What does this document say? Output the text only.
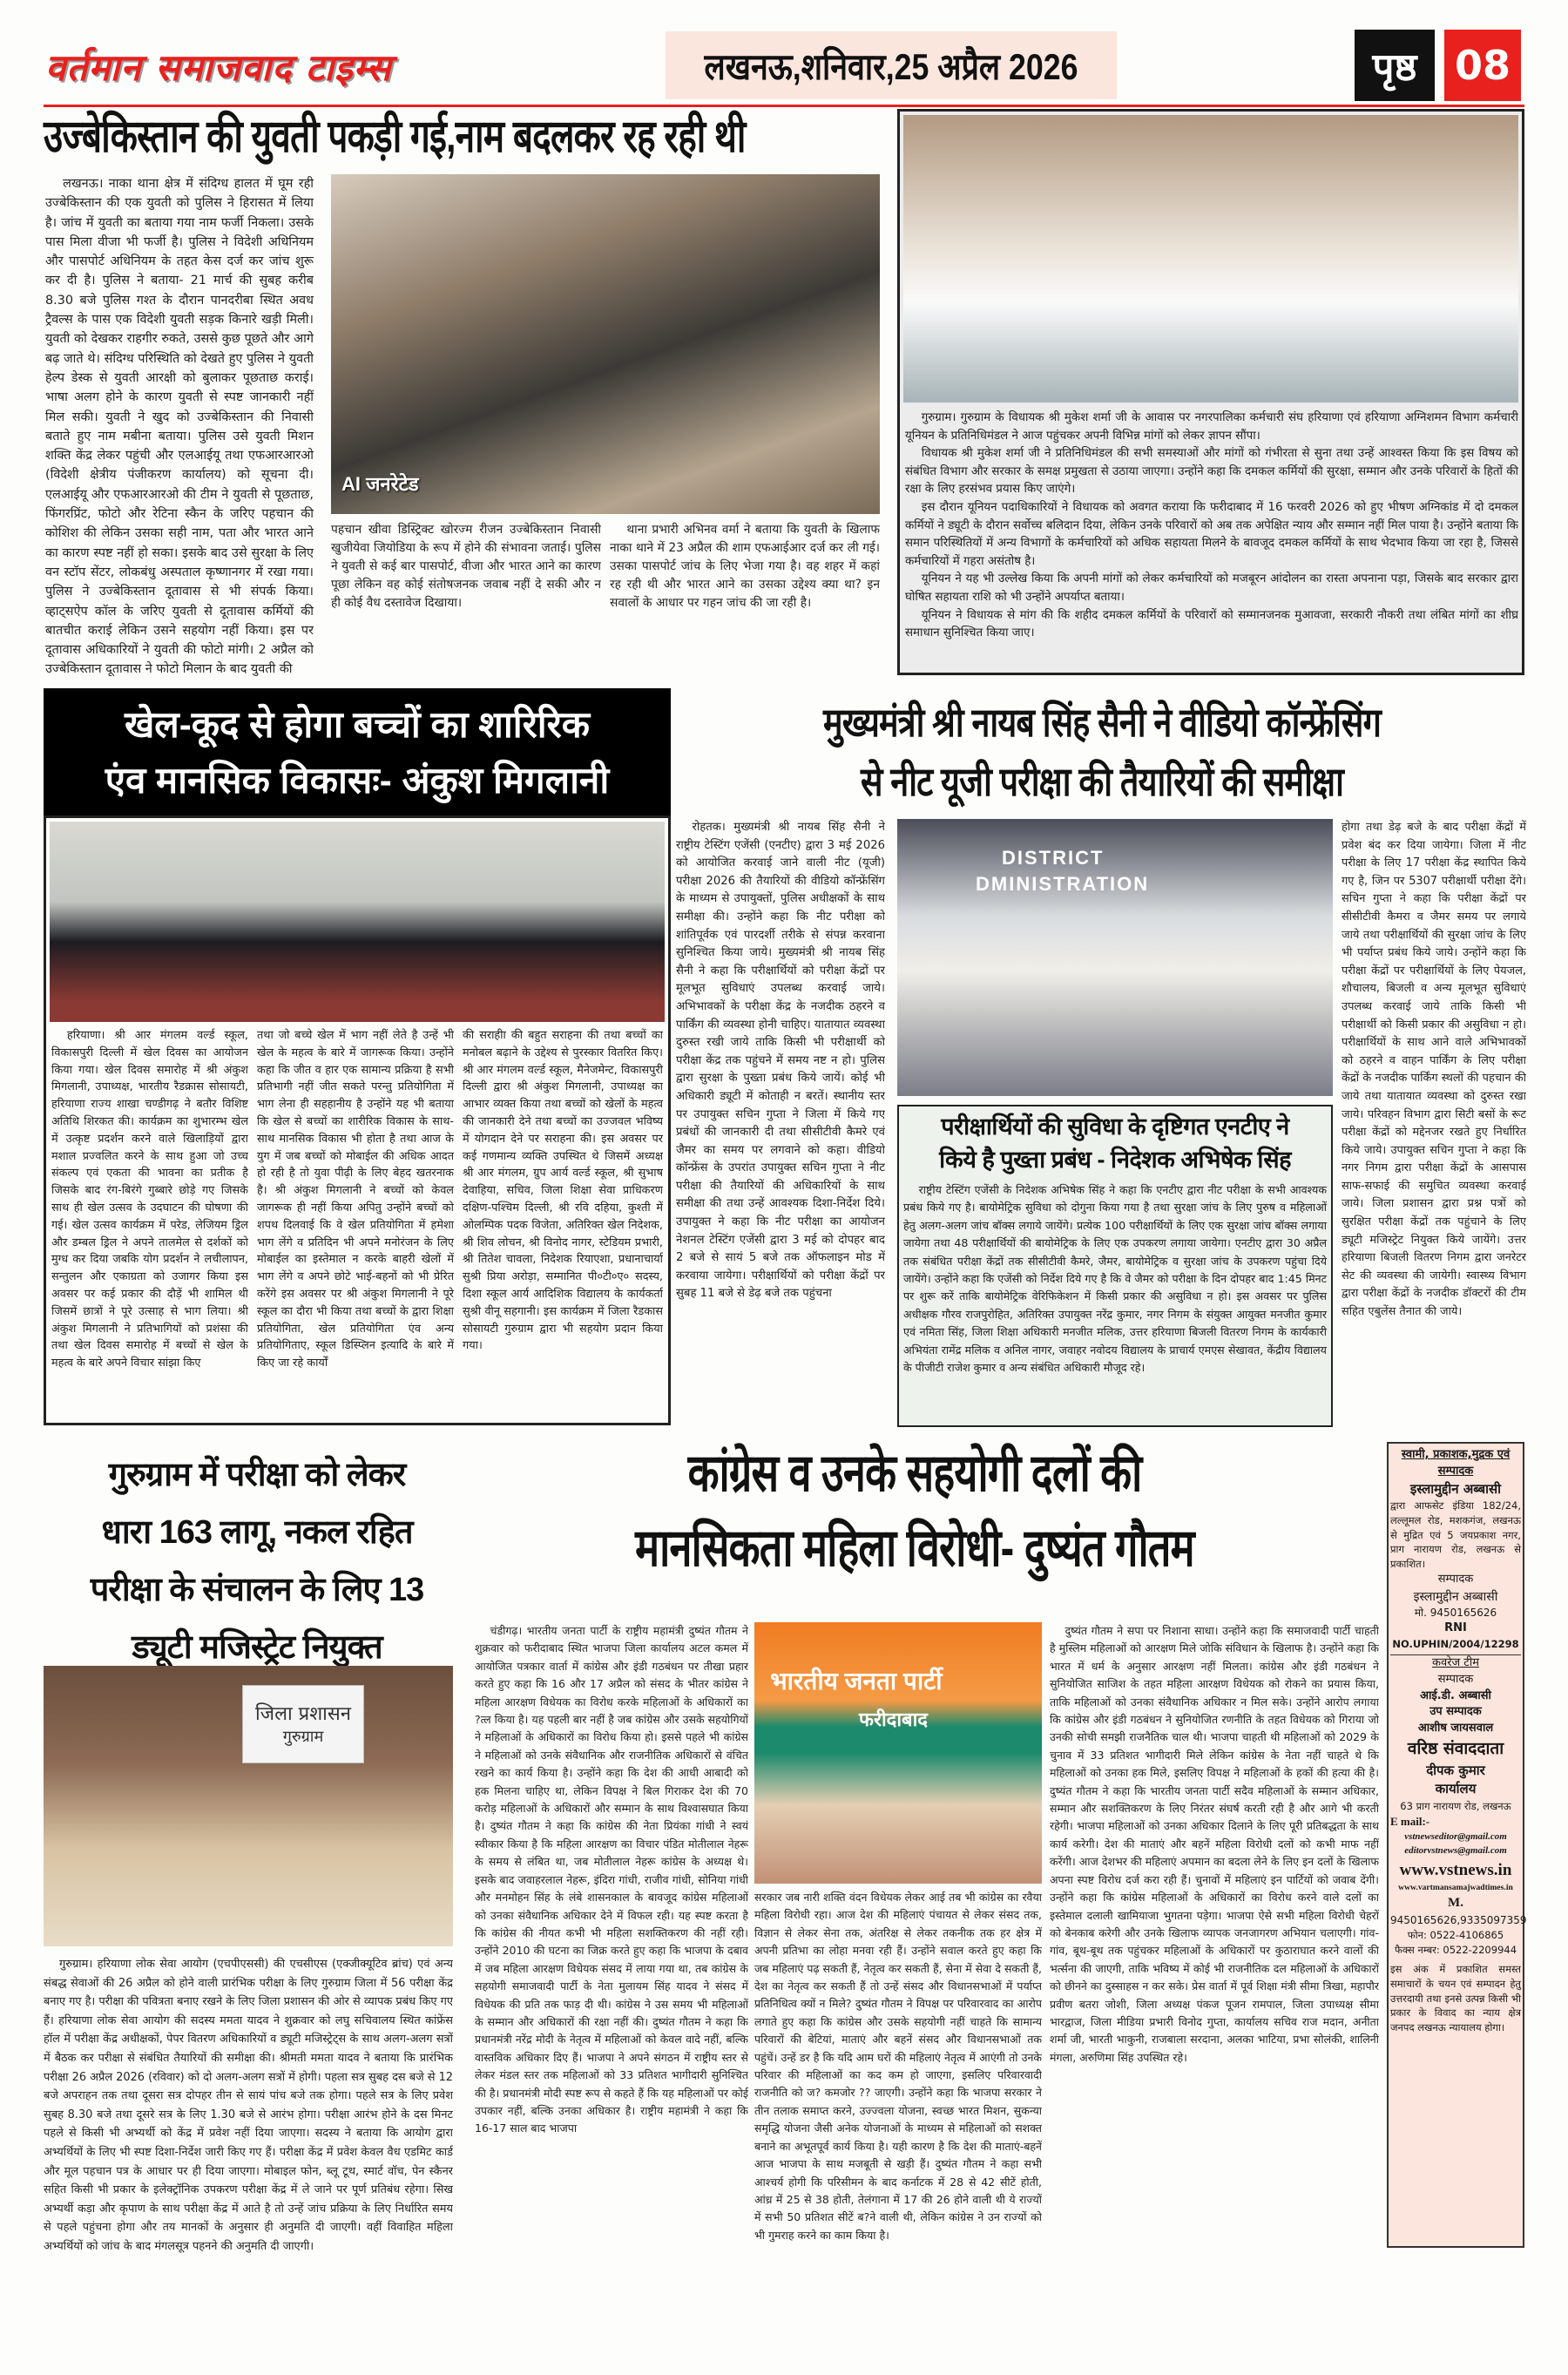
वर्तमान समाजवाद टाइम्स	लखनऊ,शनिवार,25 अप्रैल 2026	पृष्ठ 08
उज्बेकिस्तान की युवती पकड़ी गई,नाम बदलकर रह रही थी

लखनऊ। नाका थाना क्षेत्र में संदिग्ध हालत में घूम रही उज्बेकिस्तान की एक युवती को पुलिस ने हिरासत में लिया है। जांच में युवती का बताया गया नाम फर्जी निकला। उसके पास मिला वीजा भी फर्जी है। पुलिस ने विदेशी अधिनियम और पासपोर्ट अधिनियम के तहत केस दर्ज कर जांच शुरू कर दी है। पुलिस ने बताया- 21 मार्च की सुबह करीब 8.30 बजे पुलिस गश्त के दौरान पानदरीबा स्थित अवध ट्रैवल्स के पास एक विदेशी युवती सड़क किनारे खड़ी मिली। युवती को देखकर राहगीर रुकते, उससे कुछ पूछते और आगे बढ़ जाते थे। संदिग्ध परिस्थिति को देखते हुए पुलिस ने युवती हेल्प डेस्क से युवती आरक्षी को बुलाकर पूछताछ कराई। भाषा अलग होने के कारण युवती से स्पष्ट जानकारी नहीं मिल सकी। युवती ने खुद को उज्बेकिस्तान की निवासी बताते हुए नाम मबीना बताया। पुलिस उसे युवती मिशन शक्ति केंद्र लेकर पहुंची और एलआईयू तथा एफआरआरओ (विदेशी क्षेत्रीय पंजीकरण कार्यालय) को सूचना दी। एलआईयू और एफआरआरओ की टीम ने युवती से पूछताछ, फिंगरप्रिंट, फोटो और रेटिना स्कैन के जरिए पहचान की कोशिश की लेकिन उसका सही नाम, पता और भारत आने का कारण स्पष्ट नहीं हो सका। इसके बाद उसे सुरक्षा के लिए वन स्टॉप सेंटर, लोकबंधु अस्पताल कृष्णानगर में रखा गया। पुलिस ने उज्बेकिस्तान दूतावास से भी संपर्क किया। व्हाट्सऐप कॉल के जरिए युवती से दूतावास कर्मियों की बातचीत कराई लेकिन उसने सहयोग नहीं किया। इस पर दूतावास अधिकारियों ने युवती की फोटो मांगी। 2 अप्रैल को उज्बेकिस्तान दूतावास ने फोटो मिलान के बाद युवती की

AI जनरेटेड

पहचान खीवा डिस्ट्रिक्ट खोरज्म रीजन उज्बेकिस्तान निवासी खुजीयेवा जियोडिया के रूप में होने की संभावना जताई। पुलिस ने युवती से कई बार पासपोर्ट, वीजा और भारत आने का कारण पूछा लेकिन वह कोई संतोषजनक जवाब नहीं दे सकी और न ही कोई वैध दस्तावेज दिखाया।

थाना प्रभारी अभिनव वर्मा ने बताया कि युवती के खिलाफ नाका थाने में 23 अप्रैल की शाम एफआईआर दर्ज कर ली गई। उसका पासपोर्ट जांच के लिए भेजा गया है। वह शहर में कहां रह रही थी और भारत आने का उसका उद्देश्य क्या था? इन सवालों के आधार पर गहन जांच की जा रही है।

गुरुग्राम। गुरुग्राम के विधायक श्री मुकेश शर्मा जी के आवास पर नगरपालिका कर्मचारी संघ हरियाणा एवं हरियाणा अग्निशमन विभाग कर्मचारी यूनियन के प्रतिनिधिमंडल ने आज पहुंचकर अपनी विभिन्न मांगों को लेकर ज्ञापन सौंपा।

विधायक श्री मुकेश शर्मा जी ने प्रतिनिधिमंडल की सभी समस्याओं और मांगों को गंभीरता से सुना तथा उन्हें आश्वस्त किया कि इस विषय को संबंधित विभाग और सरकार के समक्ष प्रमुखता से उठाया जाएगा। उन्होंने कहा कि दमकल कर्मियों की सुरक्षा, सम्मान और उनके परिवारों के हितों की रक्षा के लिए हरसंभव प्रयास किए जाएंगे।

इस दौरान यूनियन पदाधिकारियों ने विधायक को अवगत कराया कि फरीदाबाद में 16 फरवरी 2026 को हुए भीषण अग्निकांड में दो दमकल कर्मियों ने ड्यूटी के दौरान सर्वोच्च बलिदान दिया, लेकिन उनके परिवारों को अब तक अपेक्षित न्याय और सम्मान नहीं मिल पाया है। उन्होंने बताया कि समान परिस्थितियों में अन्य विभागों के कर्मचारियों को अधिक सहायता मिलने के बावजूद दमकल कर्मियों के साथ भेदभाव किया जा रहा है, जिससे कर्मचारियों में गहरा असंतोष है।

यूनियन ने यह भी उल्लेख किया कि अपनी मांगों को लेकर कर्मचारियों को मजबूरन आंदोलन का रास्ता अपनाना पड़ा, जिसके बाद सरकार द्वारा घोषित सहायता राशि को भी उन्होंने अपर्याप्त बताया।

यूनियन ने विधायक से मांग की कि शहीद दमकल कर्मियों के परिवारों को सम्मानजनक मुआवजा, सरकारी नौकरी तथा लंबित मांगों का शीघ्र समाधान सुनिश्चित किया जाए।

खेल-कूद से होगा बच्चों का शारिरिक
एंव मानसिक विकासः- अंकुश मिगलानी

हरियाणा। श्री आर मंगलम वर्ल्ड स्कूल, विकासपुरी दिल्ली में खेल दिवस का आयोजन किया गया। खेल दिवस समारोह में श्री अंकुश मिगलानी, उपाध्यक्ष, भारतीय रैडक्रास सोसायटी, हरियाणा राज्य शाखा चण्डीगढ़ ने बतौर विशिष्ट अतिथि शिरकत की। कार्यक्रम का शुभारम्भ खेल में उत्कृष्ट प्रदर्शन करने वाले खिलाड़ियों द्वारा मशाल प्रज्वलित करने के साथ हुआ जो उच्च संकल्प एवं एकता की भावना का प्रतीक है जिसके बाद रंग-बिरंगे गुब्बारे छोड़े गए जिसके साथ ही खेल उत्सव के उदघाटन की घोषणा की गई। खेल उत्सव कार्यक्रम में परेड, लेजियम ड्रिल और डम्बल ड्रिल ने अपने तालमेल से दर्शकों को मुग्ध कर दिया जबकि योग प्रदर्शन ने लचीलापन, सन्तुलन और एकाग्रता को उजागर किया इस अवसर पर कई प्रकार की दौड़ें भी शामिल थी जिसमें छात्रों ने पूरे उत्साह से भाग लिया। श्री अंकुश मिगलानी ने प्रतिभागियों को प्रशंसा की तथा खेल दिवस समारोह में बच्चों से खेल के महत्व के बारे अपने विचार सांझा किए

तथा जो बच्चे खेल में भाग नहीं लेते है उन्हें भी खेल के महत्व के बारे में जागरूक किया। उन्होंने कहा कि जीत व हार एक सामान्य प्रक्रिया है सभी प्रतिभागी नहीं जीत सकते परन्तु प्रतियोगिता में भाग लेना ही सहहानीय है उन्होंने यह भी बताया कि खेल से बच्चों का शारीरिक विकास के साथ-साथ मानसिक विकास भी होता है तथा आज के युग में जब बच्चों को मोबाईल की अधिक आदत हो रही है तो युवा पीढ़ी के लिए बेहद खतरनाक है। श्री अंकुश मिगलानी ने बच्चों को केवल जागरूक ही नहीं किया अपितु उन्होंने बच्चों को शपथ दिलवाई कि वे खेल प्रतियोगिता में हमेशा भाग लेंगे व प्रतिदिन भी अपने मनोरंजन के लिए मोबाईल का इस्तेमाल न करके बाहरी खेलों में भाग लेंगे व अपने छोटे भाई-बहनों को भी प्रेरित करेंगे इस अवसर पर श्री अंकुश मिगलानी ने पूरे स्कूल का दौरा भी किया तथा बच्चों के द्वारा शिक्षा प्रतियोगिता, खेल प्रतियोगिता एंव अन्य प्रतियोगिताए, स्कूल डिस्प्लिन इत्यादि के बारे में किए जा रहे कार्यों

की सराहीा की बहुत सराहना की तथा बच्चों का मनोबल बढ़ाने के उद्देश्य से पुरस्कार वितरित किए। श्री आर मंगलम वर्ल्ड स्कूल, मैनेजमेन्ट, विकासपुरी दिल्ली द्वारा श्री अंकुश मिगलानी, उपाध्यक्ष का आभार व्यक्त किया तथा बच्चों को खेलों के महत्व की जानकारी देने तथा बच्चों का उज्जवल भविष्य में योगदान देने पर सराहना की। इस अवसर पर कई गणमान्य व्यक्ति उपस्थित थे जिसमें अध्यक्ष श्री आर मंगलम, ग्रुप आर्य वर्ल्ड स्कूल, श्री सुभाष देवाहिया, सचिव, जिला शिक्षा सेवा प्राधिकरण दक्षिण-पश्चिम दिल्ली, श्री रवि दहिया, कुश्ती में ओलम्पिक पदक विजेता, अतिरिक्त खेल निदेशक, श्री शिव लोचन, श्री विनोद नागर, स्टेडियम प्रभारी, श्री तितेश चावला, निदेशक रियाएशा, प्रधानाचार्या सुश्री प्रिया अरोड़ा, सम्मानित पी०टी०ए० सदस्य, दिशा स्कूल आर्य आदिशिक विद्यालय के कार्यकर्ता सुश्री वीनू सहगानी। इस कार्यक्रम में जिला रैडकास सोसायटी गुरुग्राम द्वारा भी सहयोग प्रदान किया गया।

मुख्यमंत्री श्री नायब सिंह सैनी ने वीडियो कॉन्फ्रेंसिंग
से नीट यूजी परीक्षा की तैयारियों की समीक्षा

रोहतक। मुख्यमंत्री श्री नायब सिंह सैनी ने राष्ट्रीय टेस्टिंग एजेंसी (एनटीए) द्वारा 3 मई 2026 को आयोजित करवाई जाने वाली नीट (यूजी) परीक्षा 2026 की तैयारियों की वीडियो कॉन्फ्रेंसिंग के माध्यम से उपायुक्तों, पुलिस अधीक्षकों के साथ समीक्षा की। उन्होंने कहा कि नीट परीक्षा को शांतिपूर्वक एवं पारदर्शी तरीके से संपन्न करवाना सुनिश्चित किया जाये। मुख्यमंत्री श्री नायब सिंह सैनी ने कहा कि परीक्षार्थियों को परीक्षा केंद्रों पर मूलभूत सुविधाएं उपलब्ध करवाई जाये। अभिभावकों के परीक्षा केंद्र के नजदीक ठहरने व पार्किंग की व्यवस्था होनी चाहिए। यातायात व्यवस्था दुरुस्त रखी जाये ताकि किसी भी परीक्षार्थी को परीक्षा केंद्र तक पहुंचने में समय नष्ट न हो। पुलिस द्वारा सुरक्षा के पुख्ता प्रबंध किये जायें। कोई भी अधिकारी ड्यूटी में कोताही न बरतें। स्थानीय स्तर पर उपायुक्त सचिन गुप्ता ने जिला में किये गए प्रबंधों की जानकारी दी तथा सीसीटीवी कैमरे एवं जैमर का समय पर लगवाने को कहा। वीडियो कॉन्फ्रेंस के उपरांत उपायुक्त सचिन गुप्ता ने नीट परीक्षा की तैयारियों की अधिकारियों के साथ समीक्षा की तथा उन्हें आवश्यक दिशा-निर्देश दिये। उपायुक्त ने कहा कि नीट परीक्षा का आयोजन नेशनल टेस्टिंग एजेंसी द्वारा 3 मई को दोपहर बाद 2 बजे से सायं 5 बजे तक ऑफलाइन मोड में करवाया जायेगा। परीक्षार्थियों को परीक्षा केंद्रों पर सुबह 11 बजे से डेढ़ बजे तक पहुंचना

DISTRICT
DMINISTRATION

होगा तथा डेढ़ बजे के बाद परीक्षा केंद्रों में प्रवेश बंद कर दिया जायेगा। जिला में नीट परीक्षा के लिए 17 परीक्षा केंद्र स्थापित किये गए है, जिन पर 5307 परीक्षार्थी परीक्षा देंगे। सचिन गुप्ता ने कहा कि परीक्षा केंद्रों पर सीसीटीवी कैमरा व जैमर समय पर लगाये जाये तथा परीक्षार्थियों की सुरक्षा जांच के लिए भी पर्याप्त प्रबंध किये जाये। उन्होंने कहा कि परीक्षा केंद्रों पर परीक्षार्थियों के लिए पेयजल, शौचालय, बिजली व अन्य मूलभूत सुविधाएं उपलब्ध करवाई जाये ताकि किसी भी परीक्षार्थी को किसी प्रकार की असुविधा न हो। परीक्षार्थियों के साथ आने वाले अभिभावकों को ठहरने व वाहन पार्किंग के लिए परीक्षा केंद्रों के नजदीक पार्किंग स्थलों की पहचान की जाये तथा यातायात व्यवस्था को दुरुस्त रखा जाये। परिवहन विभाग द्वारा सिटी बसों के रूट परीक्षा केंद्रों को मद्देनजर रखते हुए निर्धारित किये जाये। उपायुक्त सचिन गुप्ता ने कहा कि नगर निगम द्वारा परीक्षा केंद्रों के आसपास साफ-सफाई की समुचित व्यवस्था करवाई जाये। जिला प्रशासन द्वारा प्रश्न पत्रों को सुरक्षित परीक्षा केंद्रों तक पहुंचाने के लिए ड्यूटी मजिस्ट्रेट नियुक्त किये जायेंगे। उत्तर हरियाणा बिजली वितरण निगम द्वारा जनरेटर सेट की व्यवस्था की जायेगी। स्वास्थ्य विभाग द्वारा परीक्षा केंद्रों के नजदीक डॉक्टरों की टीम सहित एबुलेंस तैनात की जाये।

परीक्षार्थियों की सुविधा के दृष्टिगत एनटीए ने
किये है पुख्ता प्रबंध - निदेशक अभिषेक सिंह

राष्ट्रीय टेस्टिंग एजेंसी के निदेशक अभिषेक सिंह ने कहा कि एनटीए द्वारा नीट परीक्षा के सभी आवश्यक प्रबंध किये गए है। बायोमेट्रिक सुविधा को दोगुना किया गया है तथा सुरक्षा जांच के लिए पुरुष व महिलाओं हेतु अलग-अलग जांच बॉक्स लगाये जायेंगे। प्रत्येक 100 परीक्षार्थियों के लिए एक सुरक्षा जांच बॉक्स लगाया जायेगा तथा 48 परीक्षार्थियों की बायोमेट्रिक के लिए एक उपकरण लगाया जायेगा। एनटीए द्वारा 30 अप्रैल तक संबंधित परीक्षा केंद्रों तक सीसीटीवी कैमरे, जैमर, बायोमेट्रिक व सुरक्षा जांच के उपकरण पहुंचा दिये जायेंगे। उन्होंने कहा कि एजेंसी को निर्देश दिये गए है कि वे जैमर को परीक्षा के दिन दोपहर बाद 1:45 मिनट पर शुरू करें ताकि बायोमेट्रिक वेरिफिकेशन में किसी प्रकार की असुविधा न हो। इस अवसर पर पुलिस अधीक्षक गौरव राजपुरोहित, अतिरिक्त उपायुक्त नरेंद्र कुमार, नगर निगम के संयुक्त आयुक्त मनजीत कुमार एवं नमिता सिंह, जिला शिक्षा अधिकारी मनजीत मलिक, उत्तर हरियाणा बिजली वितरण निगम के कार्यकारी अभियंता रामेंद्र मलिक व अनिल नागर, जवाहर नवोदय विद्यालय के प्राचार्य एमएस सेखावत, केंद्रीय विद्यालय के पीजीटी राजेश कुमार व अन्य संबंधित अधिकारी मौजूद रहे।

गुरुग्राम में परीक्षा को लेकर
धारा 163 लागू, नकल रहित
परीक्षा के संचालन के लिए 13
ड्यूटी मजिस्ट्रेट नियुक्त
जिला प्रशासन
गुरुग्राम

गुरुग्राम। हरियाणा लोक सेवा आयोग (एचपीएससी) की एचसीएस (एक्जीक्यूटिव ब्रांच) एवं अन्य संबद्ध सेवाओं की 26 अप्रैल को होने वाली प्रारंभिक परीक्षा के लिए गुरुग्राम जिला में 56 परीक्षा केंद्र बनाए गए है। परीक्षा की पवित्रता बनाए रखने के लिए जिला प्रशासन की ओर से व्यापक प्रबंध किए गए हैं। हरियाणा लोक सेवा आयोग की सदस्य ममता यादव ने शुक्रवार को लघु सचिवालय स्थित कांफ्रेंस हॉल में परीक्षा केंद्र अधीक्षकों, पेपर वितरण अधिकारियों व ड्यूटी मजिस्ट्रेट्स के साथ अलग-अलग सत्रों में बैठक कर परीक्षा से संबंधित तैयारियों की समीक्षा की। श्रीमती ममता यादव ने बताया कि प्रारंभिक परीक्षा 26 अप्रैल 2026 (रविवार) को दो अलग-अलग सत्रों में होगी। पहला सत्र सुबह दस बजे से 12 बजे अपराहन तक तथा दूसरा सत्र दोपहर तीन से सायं पांच बजे तक होगा। पहले सत्र के लिए प्रवेश सुबह 8.30 बजे तथा दूसरे सत्र के लिए 1.30 बजे से आरंभ होगा। परीक्षा आरंभ होने के दस मिनट पहले से किसी भी अभ्यर्थी को केंद्र में प्रवेश नहीं दिया जाएगा। सदस्य ने बताया कि आयोग द्वारा अभ्यर्थियों के लिए भी स्पष्ट दिशा-निर्देश जारी किए गए हैं। परीक्षा केंद्र में प्रवेश केवल वैध एडमिट कार्ड और मूल पहचान पत्र के आधार पर ही दिया जाएगा। मोबाइल फोन, ब्लू टूथ, स्मार्ट वॉच, पेन स्कैनर सहित किसी भी प्रकार के इलेक्ट्रॉनिक उपकरण परीक्षा केंद्र में ले जाने पर पूर्ण प्रतिबंध रहेगा। सिख अभ्यर्थी कड़ा और कृपाण के साथ परीक्षा केंद्र में आते है तो उन्हें जांच प्रक्रिया के लिए निर्धारित समय से पहले पहुंचना होगा और तय मानकों के अनुसार ही अनुमति दी जाएगी। वहीं विवाहित महिला अभ्यर्थियों को जांच के बाद मंगलसूत्र पहनने की अनुमति दी जाएगी।

कांग्रेस व उनके सहयोगी दलों की
मानसिकता महिला विरोधी- दुष्यंत गौतम

चंडीगढ़। भारतीय जनता पार्टी के राष्ट्रीय महामंत्री दुष्यंत गौतम ने शुक्रवार को फरीदाबाद स्थित भाजपा जिला कार्यालय अटल कमल में आयोजित पत्रकार वार्ता में कांग्रेस और इंडी गठबंधन पर तीखा प्रहार करते हुए कहा कि 16 और 17 अप्रैल को संसद के भीतर कांग्रेस ने महिला आरक्षण विधेयक का विरोध करके महिलाओं के अधिकारों का ?त्ल किया है। यह पहली बार नहीं है जब कांग्रेस और उसके सहयोगियों ने महिलाओं के अधिकारों का विरोध किया हो। इससे पहले भी कांग्रेस ने महिलाओं को उनके संवैधानिक और राजनीतिक अधिकारों से वंचित रखने का कार्य किया है। उन्होंने कहा कि देश की आधी आबादी को हक मिलना चाहिए था, लेकिन विपक्ष ने बिल गिराकर देश की 70 करोड़ महिलाओं के अधिकारों और सम्मान के साथ विश्वासघात किया है। दुष्यंत गौतम ने कहा कि कांग्रेस की नेता प्रियंका गांधी ने स्वयं स्वीकार किया है कि महिला आरक्षण का विचार पंडित मोतीलाल नेहरू के समय से लंबित था, जब मोतीलाल नेहरू कांग्रेस के अध्यक्ष थे। इसके बाद जवाहरलाल नेहरू, इंदिरा गांधी, राजीव गांधी, सोनिया गांधी और मनमोहन सिंह के लंबे शासनकाल के बावजूद कांग्रेस महिलाओं को उनका संवैधानिक अधिकार देने में विफल रही। यह स्पष्ट करता है कि कांग्रेस की नीयत कभी भी महिला सशक्तिकरण की नहीं रही। उन्होंने 2010 की घटना का जिक्र करते हुए कहा कि भाजपा के दबाव में जब महिला आरक्षण विधेयक संसद में लाया गया था, तब कांग्रेस के सहयोगी समाजवादी पार्टी के नेता मुलायम सिंह यादव ने संसद में विधेयक की प्रति तक फाड़ दी थी। कांग्रेस ने उस समय भी महिलाओं के सम्मान और अधिकारों की रक्षा नहीं की। दुष्यंत गौतम ने कहा कि प्रधानमंत्री नरेंद्र मोदी के नेतृत्व में महिलाओं को केवल वादे नहीं, बल्कि वास्तविक अधिकार दिए हैं। भाजपा ने अपने संगठन में राष्ट्रीय स्तर से लेकर मंडल स्तर तक महिलाओं को 33 प्रतिशत भागीदारी सुनिश्चित की है। प्रधानमंत्री मोदी स्पष्ट रूप से कहते हैं कि यह महिलाओं पर कोई उपकार नहीं, बल्कि उनका अधिकार है। राष्ट्रीय महामंत्री ने कहा कि 16-17 साल बाद भाजपा

भारतीय जनता पार्टी
फरीदाबाद

सरकार जब नारी शक्ति वंदन विधेयक लेकर आई तब भी कांग्रेस का रवैया महिला विरोधी रहा। आज देश की महिलाएं पंचायत से लेकर संसद तक, विज्ञान से लेकर सेना तक, अंतरिक्ष से लेकर तकनीक तक हर क्षेत्र में अपनी प्रतिभा का लोहा मनवा रही हैं। उन्होंने सवाल करते हुए कहा कि जब महिलाएं पढ़ सकती हैं, नेतृत्व कर सकती हैं, सेना में सेवा दे सकती हैं, देश का नेतृत्व कर सकती हैं तो उन्हें संसद और विधानसभाओं में पर्याप्त प्रतिनिधित्व क्यों न मिले? दुष्यंत गौतम ने विपक्ष पर परिवारवाद का आरोप लगाते हुए कहा कि कांग्रेस और उसके सहयोगी नहीं चाहते कि सामान्य परिवारों की बेटियां, माताएं और बहनें संसद और विधानसभाओं तक पहुंचें। उन्हें डर है कि यदि आम घरों की महिलाएं नेतृत्व में आएंगी तो उनके परिवार की महिलाओं का कद कम हो जाएगा, इसलिए परिवारवादी राजनीति को ज? कमजोर ?? जाएगी। उन्होंने कहा कि भाजपा सरकार ने तीन तलाक समाप्त करने, उज्ज्वला योजना, स्वच्छ भारत मिशन, सुकन्या समृद्धि योजना जैसी अनेक योजनाओं के माध्यम से महिलाओं को सशक्त बनाने का अभूतपूर्व कार्य किया है। यही कारण है कि देश की माताएं-बहनें आज भाजपा के साथ मजबूती से खड़ी हैं। दुष्यंत गौतम ने कहा सभी आश्चर्य होगी कि परिसीमन के बाद कर्नाटक में 28 से 42 सीटें होती, आंध्र में 25 से 38 होती, तेलंगाना में 17 की 26 होने वाली थी ये राज्यों में सभी 50 प्रतिशत सीटें ब?ने वाली थी, लेकिन कांग्रेस ने उन राज्यों को भी गुमराह करने का काम किया है।

दुष्यंत गौतम ने सपा पर निशाना साधा। उन्होंने कहा कि समाजवादी पार्टी चाहती है मुस्लिम महिलाओं को आरक्षण मिले जोकि संविधान के खिलाफ है। उन्होंने कहा कि भारत में धर्म के अनुसार आरक्षण नहीं मिलता। कांग्रेस और इंडी गठबंधन ने सुनियोजित साजिश के तहत महिला आरक्षण विधेयक को रोकने का प्रयास किया, ताकि महिलाओं को उनका संवैधानिक अधिकार न मिल सके। उन्होंने आरोप लगाया कि कांग्रेस और इंडी गठबंधन ने सुनियोजित रणनीति के तहत विधेयक को गिराया जो उनकी सोची समझी राजनैतिक चाल थी। भाजपा चाहती थी महिलाओं को 2029 के चुनाव में 33 प्रतिशत भागीदारी मिले लेकिन कांग्रेस के नेता नहीं चाहते थे कि महिलाओं को उनका हक मिले, इसलिए विपक्ष ने महिलाओं के हकों की हत्या की है। दुष्यंत गौतम ने कहा कि भारतीय जनता पार्टी सदैव महिलाओं के सम्मान अधिकार, सम्मान और सशक्तिकरण के लिए निरंतर संघर्ष करती रही है और आगे भी करती रहेगी। भाजपा महिलाओं को उनका अधिकार दिलाने के लिए पूरी प्रतिबद्धता के साथ कार्य करेगी। देश की माताएं और बहनें महिला विरोधी दलों को कभी माफ नहीं करेंगी। आज देशभर की महिलाएं अपमान का बदला लेने के लिए इन दलों के खिलाफ अपना स्पष्ट विरोध दर्ज करा रही हैं। चुनावों में महिलाएं इन पार्टियों को जवाब देंगी। उन्होंने कहा कि कांग्रेस महिलाओं के अधिकारों का विरोध करने वाले दलों का इस्तेमाल दलाली खामियाजा भुगतना पड़ेगा। भाजपा ऐसे सभी महिला विरोधी चेहरों को बेनकाब करेगी और उनके खिलाफ व्यापक जनजागरण अभियान चलाएगी। गांव-गांव, बूथ-बूथ तक पहुंचकर महिलाओं के अधिकारों पर कुठाराघात करने वालों की भर्त्सना की जाएगी, ताकि भविष्य में कोई भी राजनीतिक दल महिलाओं के अधिकारों को छीनने का दुस्साहस न कर सके। प्रेस वार्ता में पूर्व शिक्षा मंत्री सीमा त्रिखा, महापौर प्रवीण बतरा जोशी, जिला अध्यक्ष पंकज पूजन रामपाल, जिला उपाध्यक्ष सीमा भारद्वाज, जिला मीडिया प्रभारी विनोद गुप्ता, कार्यालय सचिव राज मदान, अनीता शर्मा जी, भारती भाकुनी, राजबाला सरदाना, अलका भाटिया, प्रभा सोलंकी, शालिनी मंगला, अरुणिमा सिंह उपस्थित रहे।

स्वामी, प्रकाशक,मुद्रक एवं
सम्पादक
इस्लामुद्दीन अब्बासी
द्वारा आफसेट इंडिया 182/24, लल्लूमल रोड, मशकगंज, लखनऊ से मुद्रित एवं 5 जयप्रकाश नगर, प्राग नारायण रोड, लखनऊ से प्रकाशित।
सम्पादक
इस्लामुद्दीन अब्बासी
मो. 9450165626
RNI
NO.UPHIN/2004/12298
कवरेज टीम
सम्पादक
आई.डी. अब्बासी
उप सम्पादक
आशीष जायसवाल
वरिष्ठ संवाददाता
दीपक कुमार
कार्यालय
63 प्राग नारायण रोड, लखनऊ
E mail:-
vstnewseditor@gmail.com
editorvstnews@gmail.com
www.vstnews.in
www.vartmansamajwadtimes.in
M. 9450165626,9335097359
फोन: 0522-4106865
फैक्स नम्बर: 0522-2209944
इस अंक में प्रकाशित समस्त समाचारों के चयन एवं सम्पादन हेतु उत्तरदायी तथा इनसे उत्पन्न किसी भी प्रकार के विवाद का न्याय क्षेत्र जनपद लखनऊ न्यायालय होगा।
